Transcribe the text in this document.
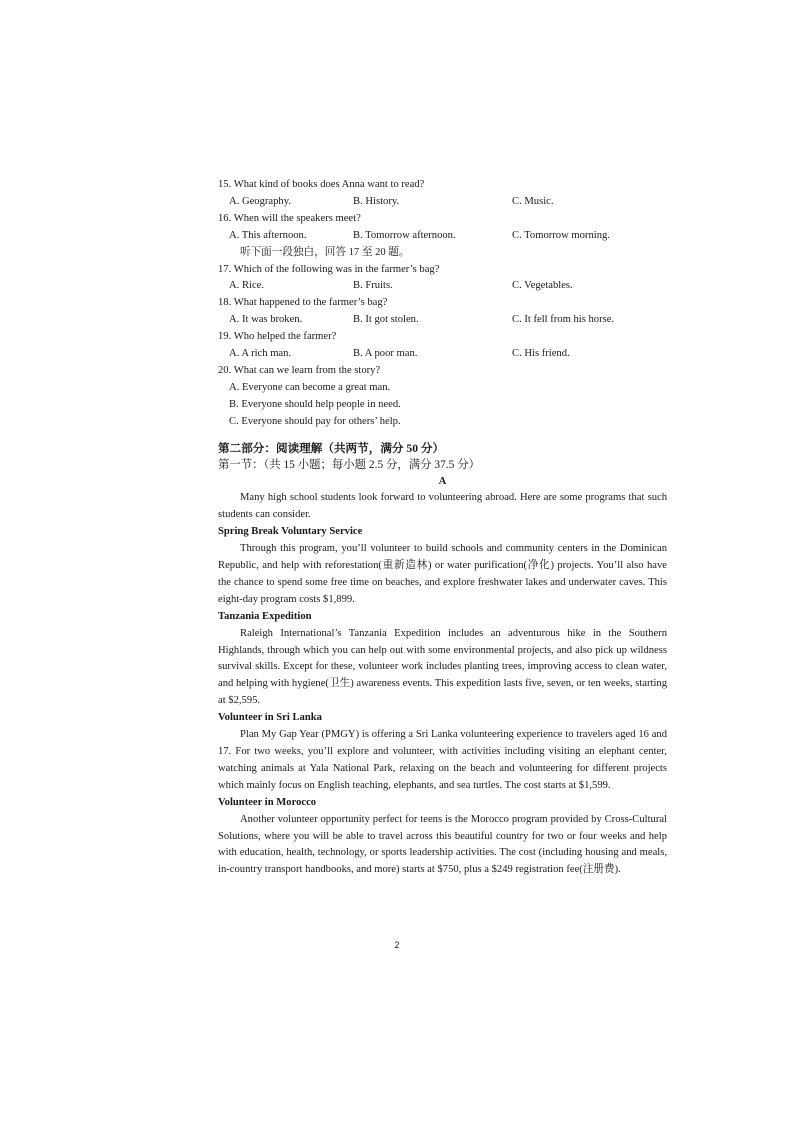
15. What kind of books does Anna want to read?

A. Geography.	B. History.	C. Music.

16. When will the speakers meet?

A. This afternoon.	B. Tomorrow afternoon.	C. Tomorrow morning.
听下面一段独白，回答 17 至 20 题。

17. Which of the following was in the farmer’s bag?

A. Rice.	B. Fruits.	C. Vegetables.

18. What happened to the farmer’s bag?

A. It was broken.	B. It got stolen.	C. It fell from his horse.

19. Who helped the farmer?

A. A rich man.	B. A poor man.	C. His friend.

20. What can we learn from the story?

A. Everyone can become a great man.
B. Everyone should help people in need.
C. Everyone should pay for others’ help.
第二部分：阅读理解（共两节，满分 50 分）
第一节：（共 15 小题；每小题 2.5 分，满分 37.5 分）
A

Many high school students look forward to volunteering abroad. Here are some programs that such students can consider.

Spring Break Voluntary Service

Through this program, you’ll volunteer to build schools and community centers in the Dominican Republic, and help with reforestation(重新造林) or water purification(净化) projects. You’ll also have the chance to spend some free time on beaches, and explore freshwater lakes and underwater caves. This eight-day program costs $1,899.

Tanzania Expedition

Raleigh International’s Tanzania Expedition includes an adventurous hike in the Southern Highlands, through which you can help out with some environmental projects, and also pick up wildness survival skills. Except for these, volunteer work includes planting trees, improving access to clean water, and helping with hygiene(卫生) awareness events. This expedition lasts five, seven, or ten weeks, starting at $2,595.

Volunteer in Sri Lanka

Plan My Gap Year (PMGY) is offering a Sri Lanka volunteering experience to travelers aged 16 and 17. For two weeks, you’ll explore and volunteer, with activities including visiting an elephant center, watching animals at Yala National Park, relaxing on the beach and volunteering for different projects which mainly focus on English teaching, elephants, and sea turtles. The cost starts at $1,599.

Volunteer in Morocco

Another volunteer opportunity perfect for teens is the Morocco program provided by Cross-Cultural Solutions, where you will be able to travel across this beautiful country for two or four weeks and help with education, health, technology, or sports leadership activities. The cost (including housing and meals, in-country transport handbooks, and more) starts at $750, plus a $249 registration fee(注册费).

2
